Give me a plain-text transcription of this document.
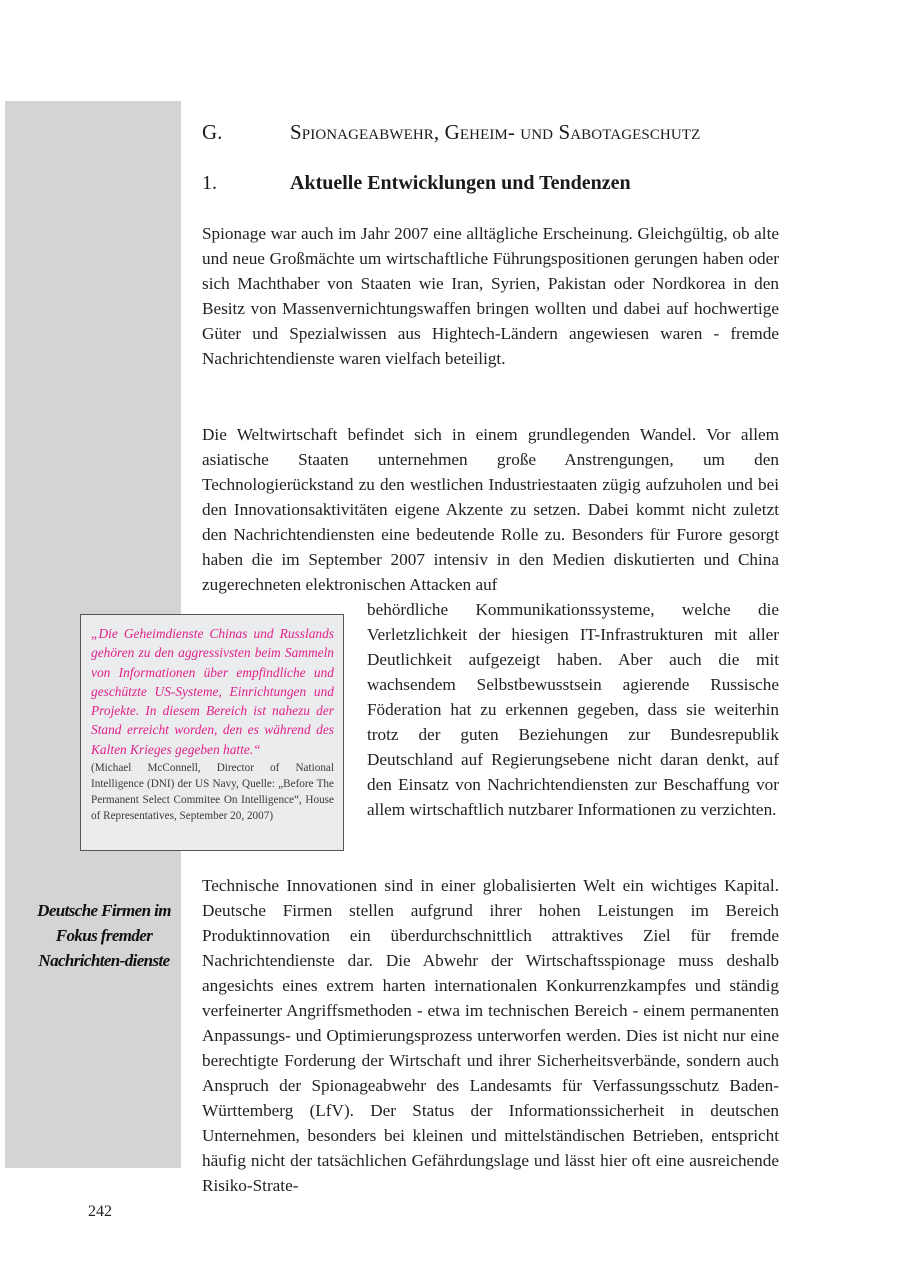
G.	Spionageabwehr, Geheim- und Sabotageschutz
1.	Aktuelle Entwicklungen und Tendenzen

Spionage war auch im Jahr 2007 eine alltägliche Erscheinung. Gleichgültig, ob alte und neue Großmächte um wirtschaftliche Führungspositionen gerungen haben oder sich Machthaber von Staaten wie Iran, Syrien, Pakistan oder Nordkorea in den Besitz von Massenvernichtungswaffen bringen wollten und dabei auf hochwertige Güter und Spezialwissen aus Hightech-Ländern angewiesen waren - fremde Nachrichtendienste waren vielfach beteiligt.

Die Weltwirtschaft befindet sich in einem grundlegenden Wandel. Vor allem asiatische Staaten unternehmen große Anstrengungen, um den Technologierückstand zu den westlichen Industriestaaten zügig aufzuholen und bei den Innovationsaktivitäten eigene Akzente zu setzen. Dabei kommt nicht zuletzt den Nachrichtendiensten eine bedeutende Rolle zu. Besonders für Furore gesorgt haben die im September 2007 intensiv in den Medien diskutierten und China zugerechneten elektronischen Attacken auf

behördliche Kommunikationssysteme, welche die Verletzlichkeit der hiesigen IT-Infrastrukturen mit aller Deutlichkeit aufgezeigt haben. Aber auch die mit wachsendem Selbstbewusstsein agierende Russische Föderation hat zu erkennen gegeben, dass sie weiterhin trotz der guten Beziehungen zur Bundesrepublik Deutschland auf Regierungsebene nicht daran denkt, auf den Einsatz von Nachrichtendiensten zur Beschaffung vor allem wirtschaftlich nutzbarer Informationen zu verzichten.

„Die Geheimdienste Chinas und Russlands gehören zu den aggressivsten beim Sammeln von Informationen über empfindliche und geschützte US-Systeme, Einrichtungen und Projekte. In diesem Bereich ist nahezu der Stand erreicht worden, den es während des Kalten Krieges gegeben hatte.“
(Michael McConnell, Director of National Intelligence (DNI) der US Navy, Quelle: „Before The Permanent Select Commitee On Intelligence“, House of Representatives, September 20, 2007)
Deutsche Firmen im Fokus fremder Nachrichten-dienste

Technische Innovationen sind in einer globalisierten Welt ein wichtiges Kapital. Deutsche Firmen stellen aufgrund ihrer hohen Leistungen im Bereich Produktinnovation ein überdurchschnittlich attraktives Ziel für fremde Nachrichtendienste dar. Die Abwehr der Wirtschaftsspionage muss deshalb angesichts eines extrem harten internationalen Konkurrenzkampfes und ständig verfeinerter Angriffsmethoden - etwa im technischen Bereich - einem permanenten Anpassungs- und Optimierungsprozess unterworfen werden. Dies ist nicht nur eine berechtigte Forderung der Wirtschaft und ihrer Sicherheitsverbände, sondern auch Anspruch der Spionageabwehr des Landesamts für Verfassungsschutz Baden-Württemberg (LfV). Der Status der Informationssicherheit in deutschen Unternehmen, besonders bei kleinen und mittelständischen Betrieben, entspricht häufig nicht der tatsächlichen Gefährdungslage und lässt hier oft eine ausreichende Risiko-Strate-

242
